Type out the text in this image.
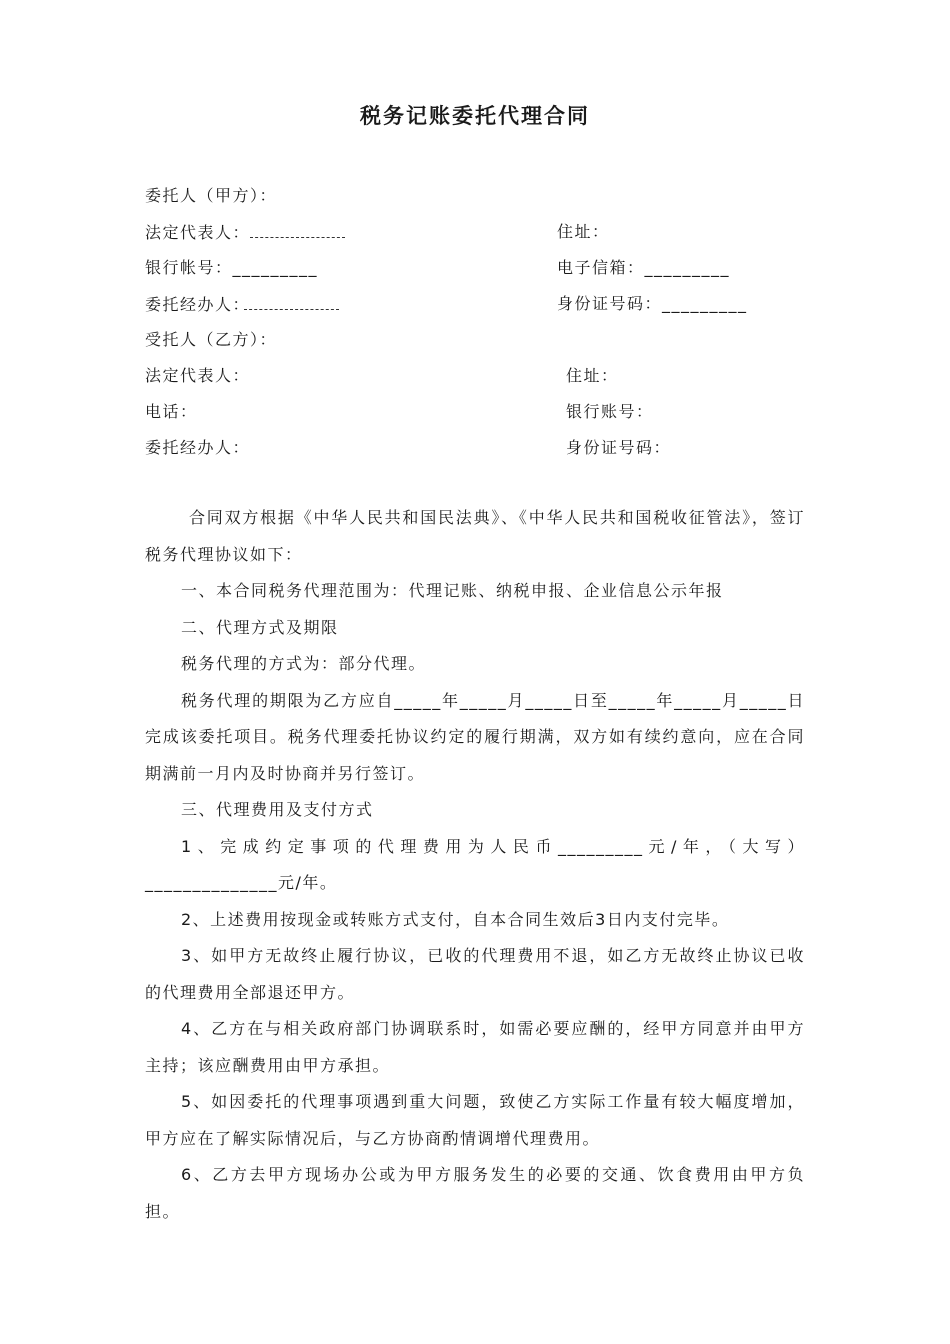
税务记账委托代理合同
委托人（甲方）：
法定代表人：	住址：
银行帐号：_________	电子信箱：_________
委托经办人：	身份证号码：_________
受托人（乙方）：
法定代表人：	住址：
电话：	银行账号：
委托经办人：	身份证号码：

合同双方根据《中华人民共和国民法典》、《中华人民共和国税收征管法》，签订税务代理协议如下：

一、本合同税务代理范围为：代理记账、纳税申报、企业信息公示年报

二、代理方式及期限

税务代理的方式为：部分代理。

税务代理的期限为乙方应自_____年_____月_____日至_____年_____月_____日完成该委托项目。税务代理委托协议约定的履行期满，双方如有续约意向，应在合同期满前一月内及时协商并另行签订。

三、代理费用及支付方式

1、完成约定事项的代理费用为人民币_________元/年，（大写）______________元/年。

2、上述费用按现金或转账方式支付，自本合同生效后3日内支付完毕。

3、如甲方无故终止履行协议，已收的代理费用不退，如乙方无故终止协议已收的代理费用全部退还甲方。

4、乙方在与相关政府部门协调联系时，如需必要应酬的，经甲方同意并由甲方主持；该应酬费用由甲方承担。

5、如因委托的代理事项遇到重大问题，致使乙方实际工作量有较大幅度增加，甲方应在了解实际情况后，与乙方协商酌情调增代理费用。

6、乙方去甲方现场办公或为甲方服务发生的必要的交通、饮食费用由甲方负担。
